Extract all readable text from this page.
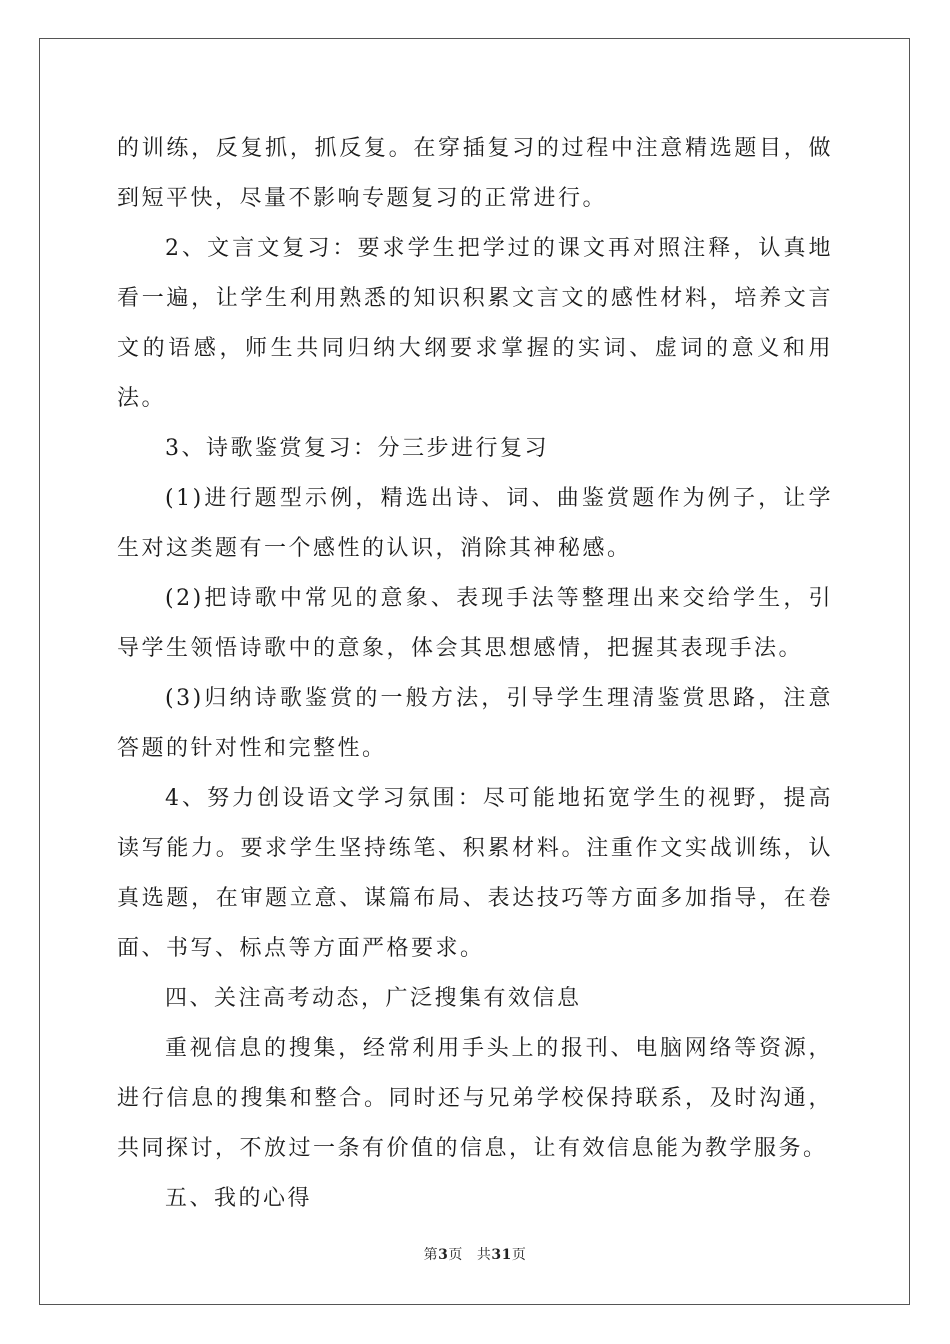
的训练，反复抓，抓反复。在穿插复习的过程中注意精选题目，做到短平快，尽量不影响专题复习的正常进行。

2、文言文复习：要求学生把学过的课文再对照注释，认真地看一遍，让学生利用熟悉的知识积累文言文的感性材料，培养文言文的语感，师生共同归纳大纲要求掌握的实词、虚词的意义和用法。

3、诗歌鉴赏复习：分三步进行复习

(1)进行题型示例，精选出诗、词、曲鉴赏题作为例子，让学生对这类题有一个感性的认识，消除其神秘感。

(2)把诗歌中常见的意象、表现手法等整理出来交给学生，引导学生领悟诗歌中的意象，体会其思想感情，把握其表现手法。

(3)归纳诗歌鉴赏的一般方法，引导学生理清鉴赏思路，注意答题的针对性和完整性。

4、努力创设语文学习氛围：尽可能地拓宽学生的视野，提高读写能力。要求学生坚持练笔、积累材料。注重作文实战训练，认真选题，在审题立意、谋篇布局、表达技巧等方面多加指导，在卷面、书写、标点等方面严格要求。

四、关注高考动态，广泛搜集有效信息

重视信息的搜集，经常利用手头上的报刊、电脑网络等资源，进行信息的搜集和整合。同时还与兄弟学校保持联系，及时沟通，共同探讨，不放过一条有价值的信息，让有效信息能为教学服务。

五、我的心得

第3页 共31页
